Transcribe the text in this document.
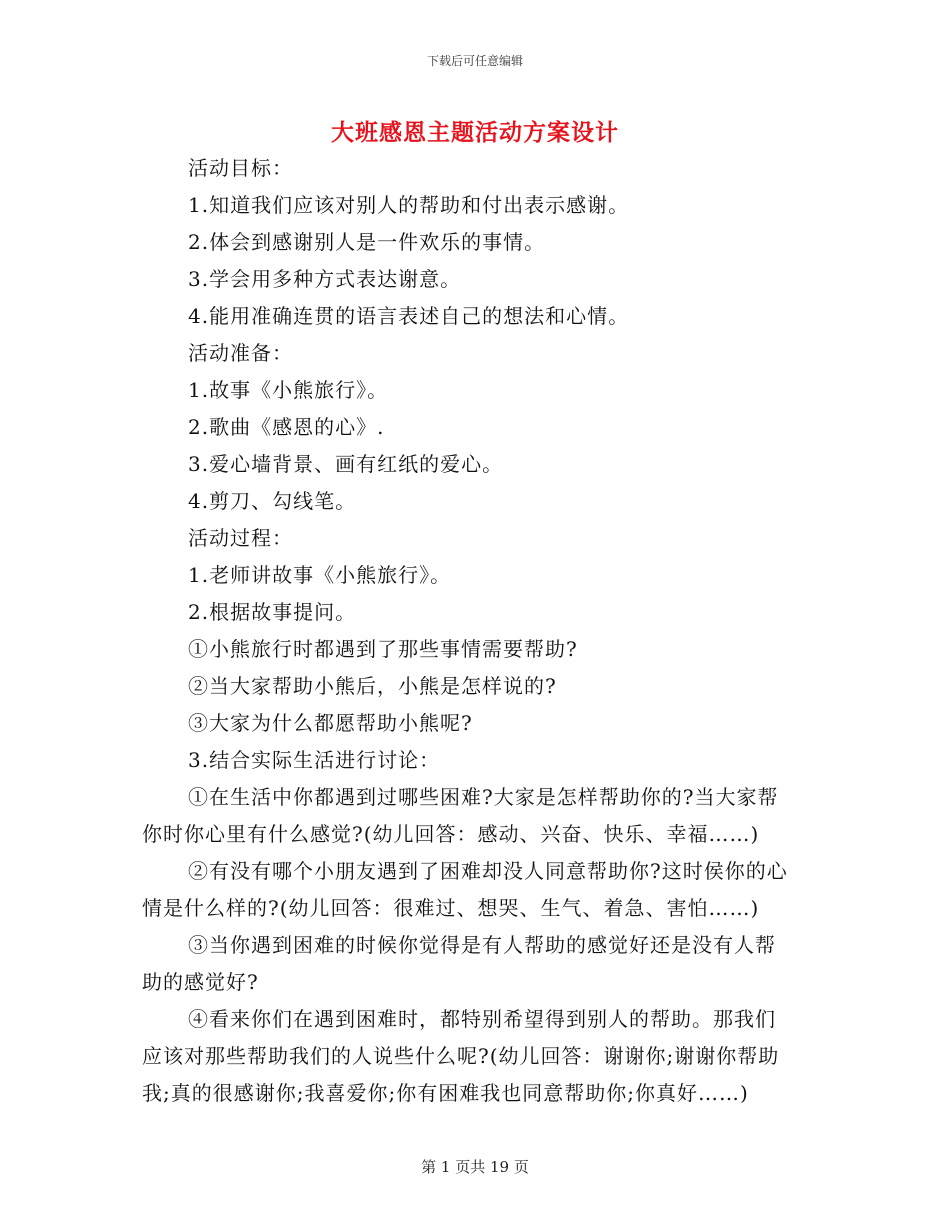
下载后可任意编辑
大班感恩主题活动方案设计
活动目标：
1.知道我们应该对别人的帮助和付出表示感谢。
2.体会到感谢别人是一件欢乐的事情。
3.学会用多种方式表达谢意。
4.能用准确连贯的语言表述自己的想法和心情。
活动准备：
1.故事《小熊旅行》。
2.歌曲《感恩的心》.
3.爱心墙背景、画有红纸的爱心。
4.剪刀、勾线笔。
活动过程：
1.老师讲故事《小熊旅行》。
2.根据故事提问。
①小熊旅行时都遇到了那些事情需要帮助?
②当大家帮助小熊后，小熊是怎样说的?
③大家为什么都愿帮助小熊呢?
3.结合实际生活进行讨论：
①在生活中你都遇到过哪些困难?大家是怎样帮助你的?当大家帮
你时你心里有什么感觉?(幼儿回答：感动、兴奋、快乐、幸福……)
②有没有哪个小朋友遇到了困难却没人同意帮助你?这时侯你的心
情是什么样的?(幼儿回答：很难过、想哭、生气、着急、害怕……)
③当你遇到困难的时候你觉得是有人帮助的感觉好还是没有人帮
助的感觉好?
④看来你们在遇到困难时，都特别希望得到别人的帮助。那我们
应该对那些帮助我们的人说些什么呢?(幼儿回答：谢谢你;谢谢你帮助
我;真的很感谢你;我喜爱你;你有困难我也同意帮助你;你真好……)
第 1 页共 19 页
